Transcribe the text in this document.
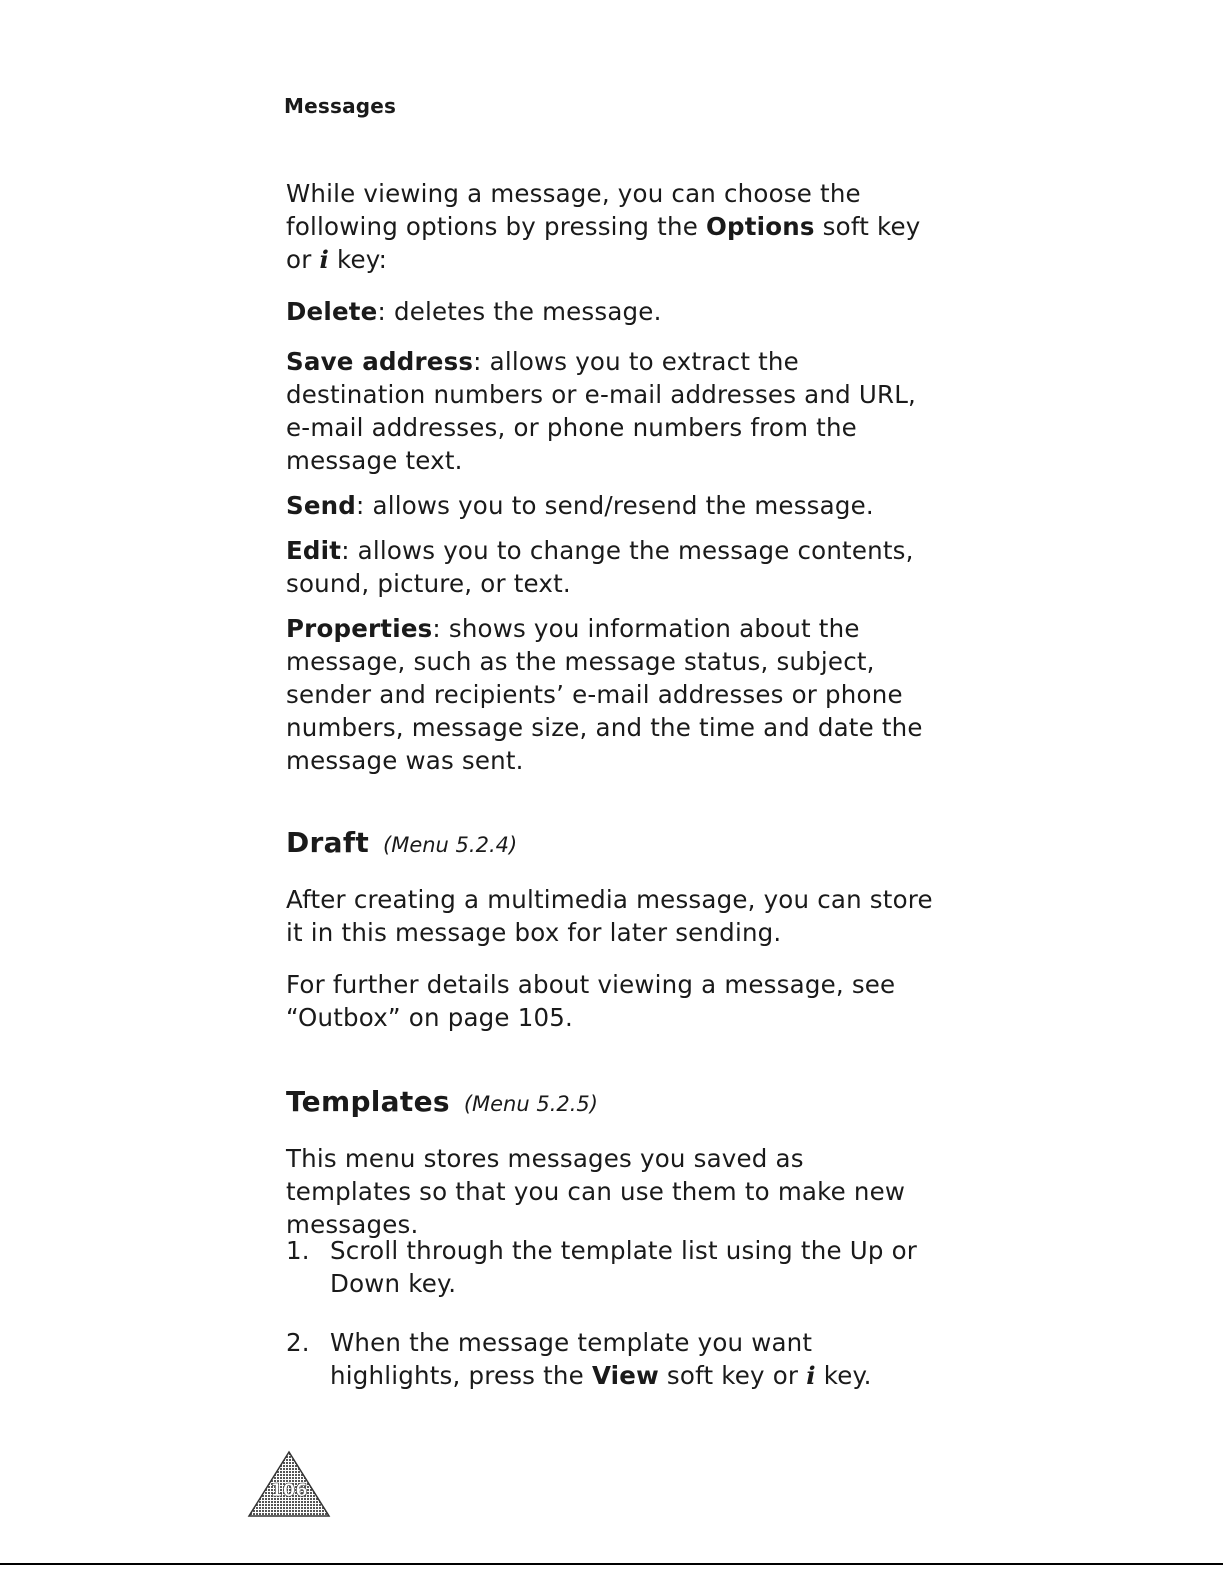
Messages

While viewing a message, you can choose the following options by pressing the Options soft key or i key:

Delete: deletes the message.

Save address: allows you to extract the destination numbers or e-mail addresses and URL, e-mail addresses, or phone numbers from the message text.

Send: allows you to send/resend the message.

Edit: allows you to change the message contents, sound, picture, or text.

Properties: shows you information about the message, such as the message status, subject, sender and recipients’ e-mail addresses or phone numbers, message size, and the time and date the message was sent.

Draft (Menu 5.2.4)

After creating a multimedia message, you can store it in this message box for later sending.

For further details about viewing a message, see “Outbox” on page 105.

Templates (Menu 5.2.5)

This menu stores messages you saved as templates so that you can use them to make new messages.

1. Scroll through the template list using the Up or Down key.

2. When the message template you want highlights, press the View soft key or i key.

106
